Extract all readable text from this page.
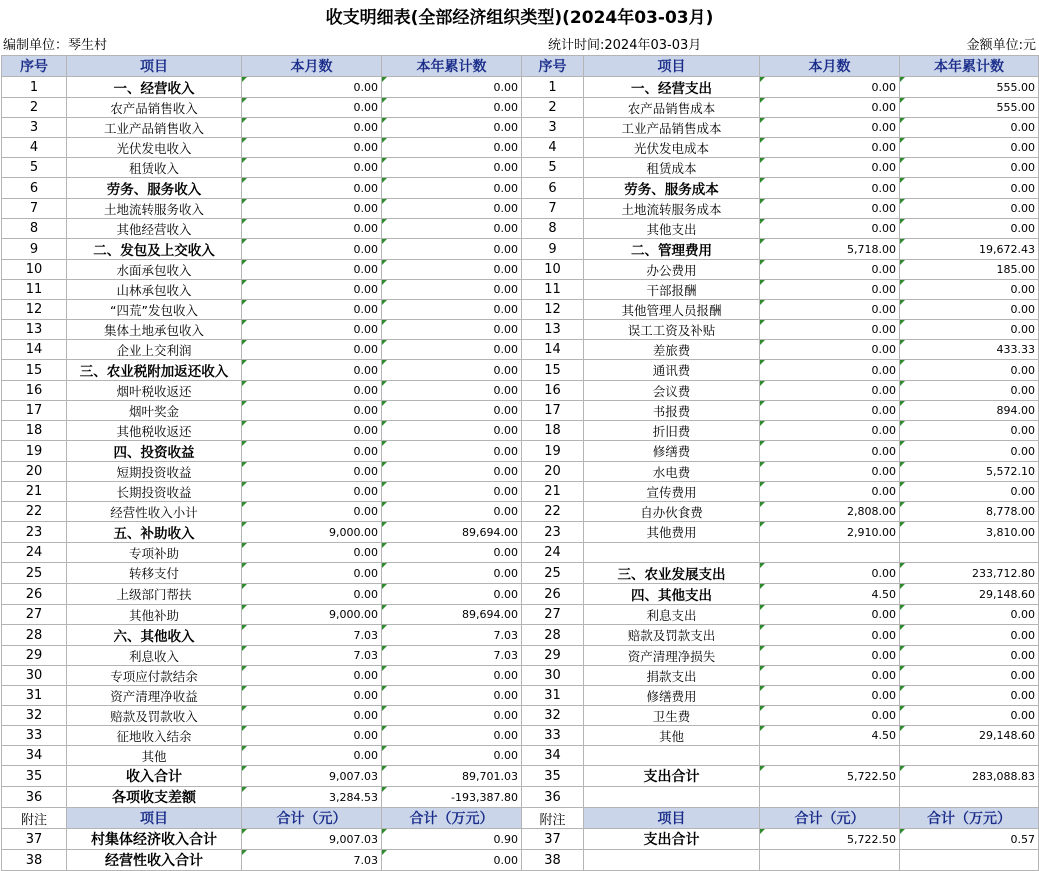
收支明细表(全部经济组织类型)(2024年03-03月)
编制单位：琴生村	统计时间:2024年03-03月	金额单位:元
序号	项目	本月数	本年累计数	序号	项目	本月数	本年累计数
1	一、经营收入	0.00	0.00	1	一、经营支出	0.00	555.00
2	农产品销售收入	0.00	0.00	2	农产品销售成本	0.00	555.00
3	工业产品销售收入	0.00	0.00	3	工业产品销售成本	0.00	0.00
4	光伏发电收入	0.00	0.00	4	光伏发电成本	0.00	0.00
5	租赁收入	0.00	0.00	5	租赁成本	0.00	0.00
6	劳务、服务收入	0.00	0.00	6	劳务、服务成本	0.00	0.00
7	土地流转服务收入	0.00	0.00	7	土地流转服务成本	0.00	0.00
8	其他经营收入	0.00	0.00	8	其他支出	0.00	0.00
9	二、发包及上交收入	0.00	0.00	9	二、管理费用	5,718.00	19,672.43
10	水面承包收入	0.00	0.00	10	办公费用	0.00	185.00
11	山林承包收入	0.00	0.00	11	干部报酬	0.00	0.00
12	“四荒”发包收入	0.00	0.00	12	其他管理人员报酬	0.00	0.00
13	集体土地承包收入	0.00	0.00	13	误工工资及补贴	0.00	0.00
14	企业上交利润	0.00	0.00	14	差旅费	0.00	433.33
15	三、农业税附加返还收入	0.00	0.00	15	通讯费	0.00	0.00
16	烟叶税收返还	0.00	0.00	16	会议费	0.00	0.00
17	烟叶奖金	0.00	0.00	17	书报费	0.00	894.00
18	其他税收返还	0.00	0.00	18	折旧费	0.00	0.00
19	四、投资收益	0.00	0.00	19	修缮费	0.00	0.00
20	短期投资收益	0.00	0.00	20	水电费	0.00	5,572.10
21	长期投资收益	0.00	0.00	21	宣传费用	0.00	0.00
22	经营性收入小计	0.00	0.00	22	自办伙食费	2,808.00	8,778.00
23	五、补助收入	9,000.00	89,694.00	23	其他费用	2,910.00	3,810.00
24	专项补助	0.00	0.00	24			
25	转移支付	0.00	0.00	25	三、农业发展支出	0.00	233,712.80
26	上级部门帮扶	0.00	0.00	26	四、其他支出	4.50	29,148.60
27	其他补助	9,000.00	89,694.00	27	利息支出	0.00	0.00
28	六、其他收入	7.03	7.03	28	赔款及罚款支出	0.00	0.00
29	利息收入	7.03	7.03	29	资产清理净损失	0.00	0.00
30	专项应付款结余	0.00	0.00	30	捐款支出	0.00	0.00
31	资产清理净收益	0.00	0.00	31	修缮费用	0.00	0.00
32	赔款及罚款收入	0.00	0.00	32	卫生费	0.00	0.00
33	征地收入结余	0.00	0.00	33	其他	4.50	29,148.60
34	其他	0.00	0.00	34			
35	收入合计	9,007.03	89,701.03	35	支出合计	5,722.50	283,088.83
36	各项收支差额	3,284.53	-193,387.80	36			
附注	项目	合计（元）	合计（万元）	附注	项目	合计（元）	合计（万元）
37	村集体经济收入合计	9,007.03	0.90	37	支出合计	5,722.50	0.57
38	经营性收入合计	7.03	0.00	38			
